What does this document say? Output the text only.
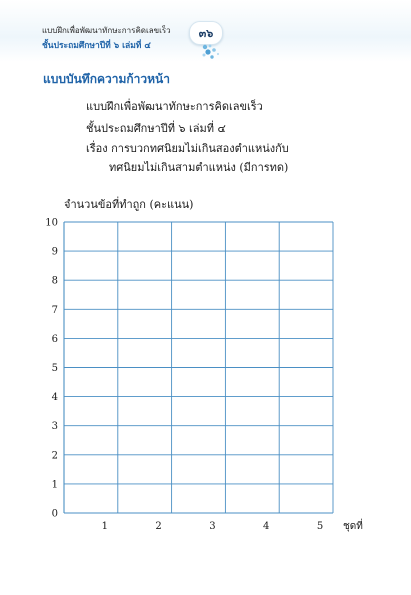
แบบฝึกเพื่อพัฒนาทักษะการคิดเลขเร็ว
ชั้นประถมศึกษาปีที่ ๖ เล่มที่ ๔
๓๖
แบบบันทึกความก้าวหน้า
แบบฝึกเพื่อพัฒนาทักษะการคิดเลขเร็ว
ชั้นประถมศึกษาปีที่ ๖ เล่มที่ ๔
เรื่อง การบวกทศนิยมไม่เกินสองตำแหน่งกับ
ทศนิยมไม่เกินสามตำแหน่ง (มีการทด)
จำนวนข้อที่ทำถูก (คะแนน)
0
1
2
3
4
5
6
7
8
9
10
1	2	3	4	5 ชุดที่
